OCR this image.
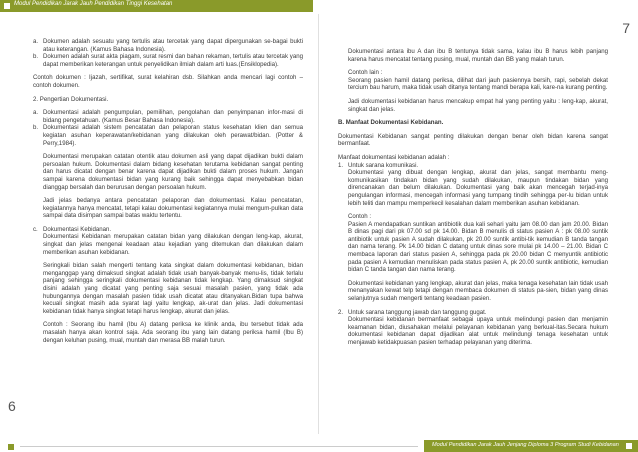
Modul Pendidikan Jarak Jauh Pendidikan Tinggi Kesehatan
7
a. Dokumen adalah sesuatu yang tertulis atau tercetak yang dapat dipergunakan se-bagai bukti atau keterangan. (Kamus Bahasa Indonesia).
b. Dokumen adalah surat akta piagam, surat resmi dan bahan rekaman, tertulis atau tercetak yang dapat memberikan keterangan untuk penyelidikan ilmiah dalam arti luas.(Ensiklopedia).

Contoh dokumen : Ijazah, sertifikat, surat kelahiran dsb. Silahkan anda mencari lagi contoh – contoh dokumen.

2. Pengertian Dokumentasi.

a. Dokumentasi adalah pengumpulan, pemilihan, pengolahan dan penyimpanan infor-masi di bidang pengetahuan. (Kamus Besar Bahasa Indonesia).
b. Dokumentasi adalah sistem pencatatan dan pelaporan status kesehatan klien dan semua kegiatan asuhan keperawatan/kebidanan yang dilakukan oleh perawat/bidan. (Potter & Perry,1984).

Dokumentasi merupakan catatan otentik atau dokumen asli yang dapat dijadikan bukti dalam persoalan hukum. Dokumentasi dalam bidang kesehatan terutama kebidanan sangat penting dan harus dicatat dengan benar karena dapat dijadikan bukti dalam proses hukum. Jangan sampai karena dokumentasi bidan yang kurang baik sehingga dapat menyebabkan bidan dianggap bersalah dan berurusan dengan persoalan hukum.

Jadi jelas bedanya antara pencatatan pelaporan dan dokumentasi. Kalau pencatatan, kegiatannya hanya mencatat, tetapi kalau dokumentasi kegiatannya mulai mengum-pulkan data sampai data disimpan sampai batas waktu tertentu.

c. Dokumentasi Kebidanan.

Dokumentasi Kebidanan merupakan catatan bidan yang dilakukan dengan leng-kap, akurat, singkat dan jelas mengenai keadaan atau kejadian yang ditemukan dan dilakukan dalam memberikan asuhan kebidanan.

Seringkali bidan salah mengerti tentang kata singkat dalam dokumentasi kebidanan, bidan menganggap yang dimaksud singkat adalah tidak usah banyak-banyak menu-lis, tidak terlalu panjang sehingga seringkali dokumentasi kebidanan tidak lengkap. Yang dimaksud singkat disini adalah yang dicatat yang penting saja sesuai masalah pasien, yang tidak ada hubungannya dengan masalah pasien tidak usah dicatat atau ditanyakan.Bidan tupa bahwa kecuali singkat masih ada syarat lagi yaitu lengkap, ak-urat dan jelas. Jadi dokumentasi kebidanan tidak hanya singkat tetapi harus lengkap, akurat dan jelas.

Contoh : Seorang ibu hamil (Ibu A) datang periksa ke klinik anda, ibu tersebut tidak ada masalah hanya akan kontrol saja. Ada seorang ibu yang lain datang periksa hamil (Ibu B) dengan keluhan pusing, mual, muntah dan merasa BB malah turun.

Dokumentasi antara ibu A dan ibu B tentunya tidak sama, kalau ibu B harus lebih panjang karena harus mencatat tentang pusing, mual, muntah dan BB yang malah turun.

Contoh lain :

Seorang pasien hamil datang periksa, dilihat dari jauh pasiennya bersih, rapi, sebelah dekat tercium bau harum, maka tidak usah ditanya tentang mandi berapa kali, kare-na kurang penting.

Jadi dokumentasi kebidanan harus mencakup empat hal yang penting yaitu : leng-kap, akurat, singkat dan jelas.

B. Manfaat Dokumentasi Kebidanan.

Dokumentasi Kebidanan sangat penting dilakukan dengan benar oleh bidan karena sangat bermanfaat.

Manfaat dokumentasi kebidanan adalah :
1. Untuk sarana komunikasi.

Dokumentasi yang dibuat dengan lengkap, akurat dan jelas, sangat membantu meng-komunikasikan tindakan bidan yang sudah dilakukan, maupun tindakan bidan yang direncanakan dan belum dilakukan. Dokumentasi yang baik akan mencegah terjad-inya pengulangan informasi, mencegah informasi yang tumpang tindih sehingga per-lu bidan untuk lebih teliti dan mampu memperkecil kesalahan dalam memberikan asuhan kebidanan.

Contoh :

Pasien A mendapatkan suntikan antibiotik dua kali sehari yaitu jam 08.00 dan jam 20.00. Bidan B dinas pagi dari pk 07.00 sd pk 14.00. Bidan B menulis di status pasien A : pk 08.00 suntik antibiotik untuk pasien A sudah dilakukan, pk 20.00 suntik antibi-tik kemudian B tanda tangan dan nama terang. Pk 14.00 bidan C datang untuk dinas sore mulai pk 14.00 – 21.00. Bidan C membaca laporan dari status pasien A, sehingga pada pk 20.00 bidan C menyuntik antibiotic pada pasien A kemudian menuliskan pada status pasien A, pk 20.00 suntik antibiotic, kemudian bidan C tanda tangan dan nama terang.

Dokumentasi kebidanan yang lengkap, akurat dan jelas, maka tenaga kesehatan lain tidak usah menanyakan kewat telp tetapi dengan membaca dokumen di status pa-sien, bidan yang dinas selanjutnya sudah mengerti tentang keadaan pasien.

2. Untuk sarana tanggung jawab dan tanggung gugat.

Dokumentasi kebidanan bermanfaat sebagai upaya untuk melindungi pasien dan menjamin keamanan bidan, diusahakan melalui pelayanan kebidanan yang berkual-itas.Secara hukum dokumentasi kebidanan dapat dijadikan alat untuk melindungi tenaga kesehatan untuk menjawab ketidakpuasan pasien terhadap pelayanan yang diterima.

6
Modul Pendidikan Jarak Jauh Jenjang Diploma 3 Program Studi Kebidanan
